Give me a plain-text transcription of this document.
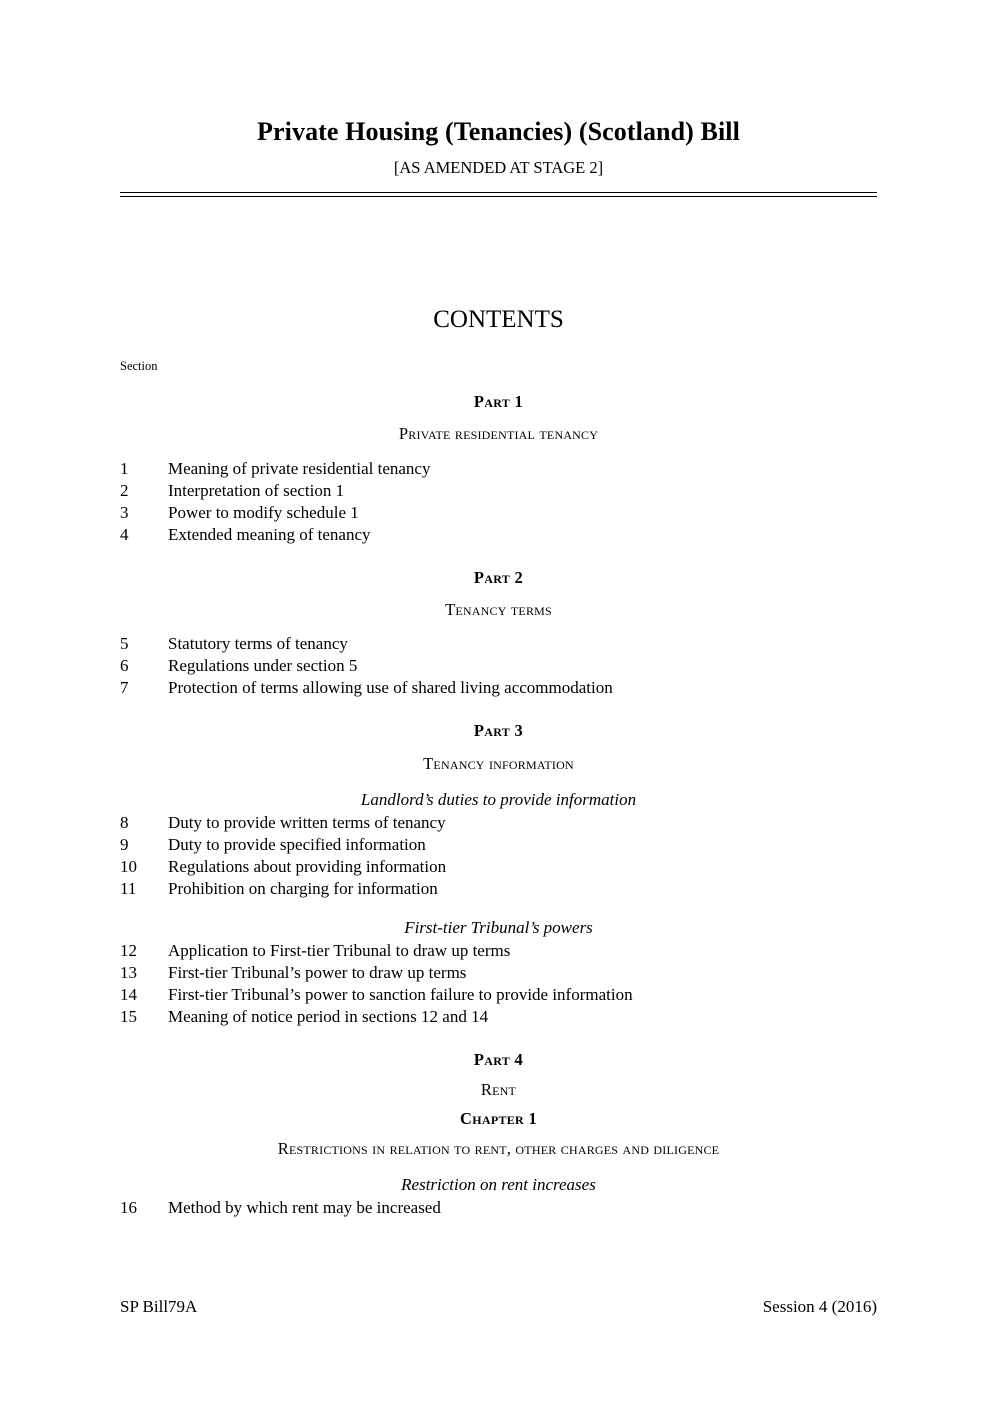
Private Housing (Tenancies) (Scotland) Bill
[AS AMENDED AT STAGE 2]
CONTENTS
Section
Part 1
Private residential tenancy
1	Meaning of private residential tenancy
2	Interpretation of section 1
3	Power to modify schedule 1
4	Extended meaning of tenancy
Part 2
Tenancy terms
5	Statutory terms of tenancy
6	Regulations under section 5
7	Protection of terms allowing use of shared living accommodation
Part 3
Tenancy information
Landlord’s duties to provide information
8	Duty to provide written terms of tenancy
9	Duty to provide specified information
10	Regulations about providing information
11	Prohibition on charging for information
First-tier Tribunal’s powers
12	Application to First-tier Tribunal to draw up terms
13	First-tier Tribunal’s power to draw up terms
14	First-tier Tribunal’s power to sanction failure to provide information
15	Meaning of notice period in sections 12 and 14
Part 4
Rent
Chapter 1
Restrictions in relation to rent, other charges and diligence
Restriction on rent increases
16	Method by which rent may be increased
SP Bill79A	Session 4 (2016)
